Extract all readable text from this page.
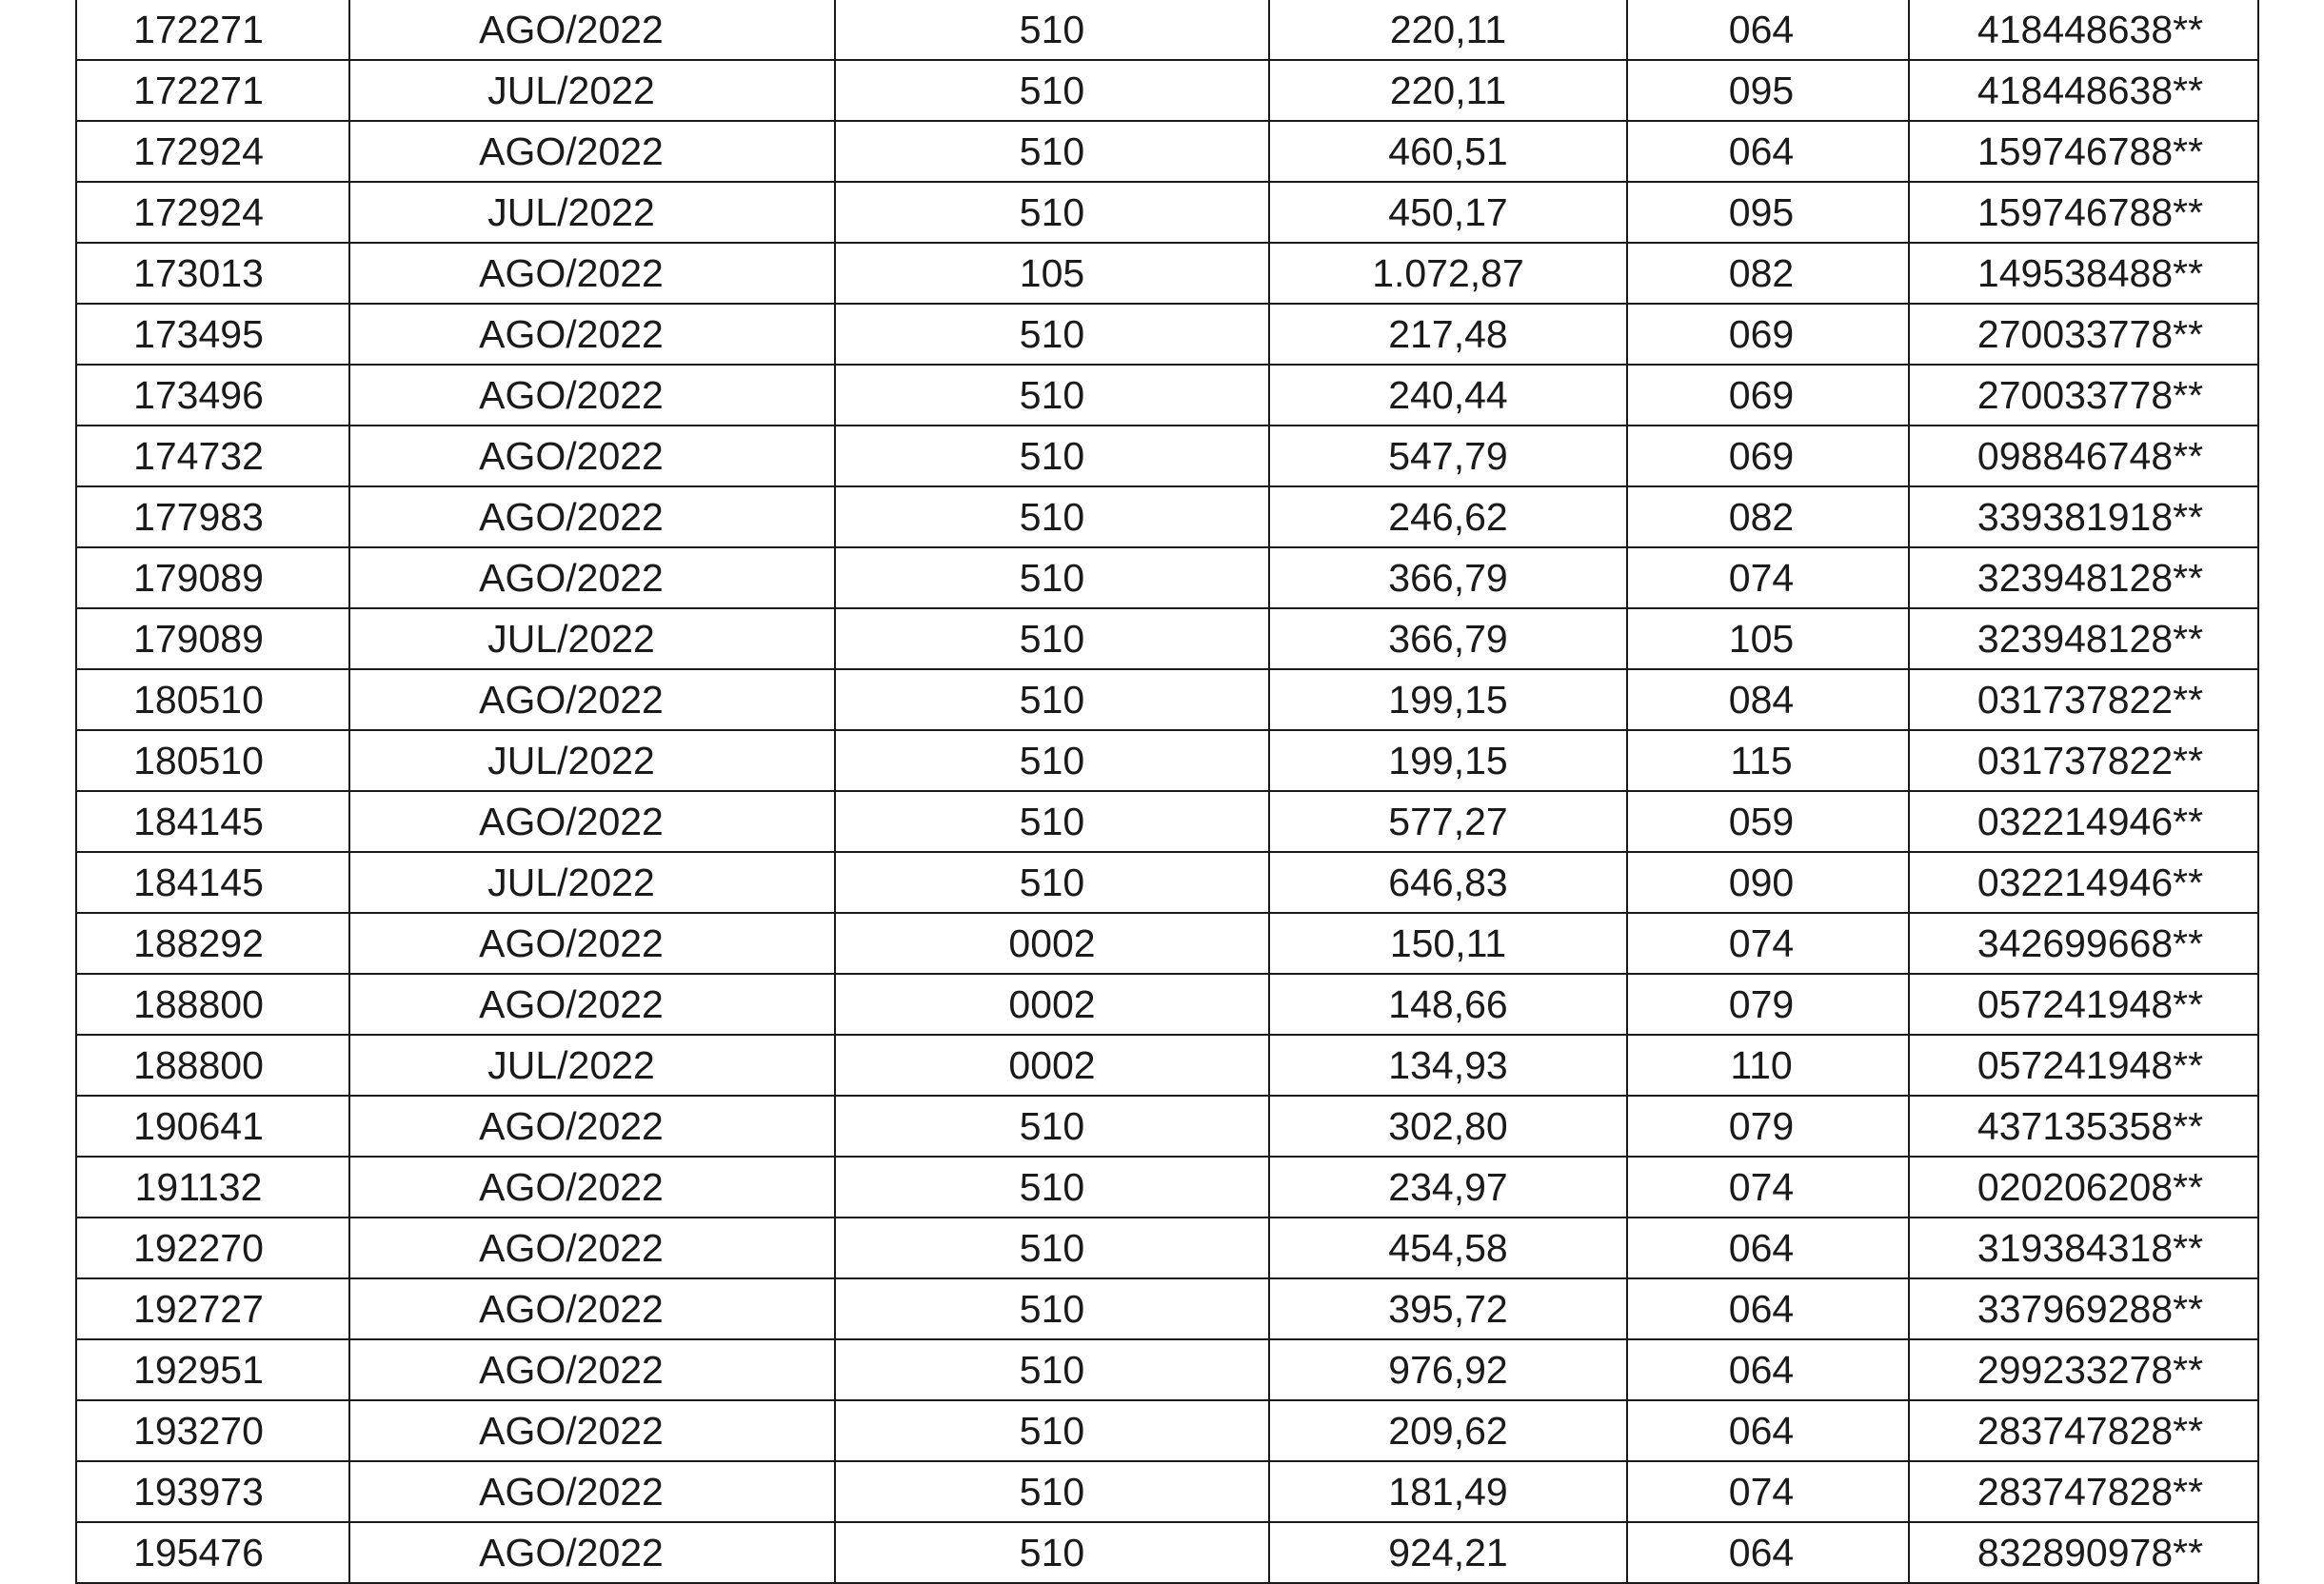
172271	AGO/2022	510	220,11	064	418448638**
172271	JUL/2022	510	220,11	095	418448638**
172924	AGO/2022	510	460,51	064	159746788**
172924	JUL/2022	510	450,17	095	159746788**
173013	AGO/2022	105	1.072,87	082	149538488**
173495	AGO/2022	510	217,48	069	270033778**
173496	AGO/2022	510	240,44	069	270033778**
174732	AGO/2022	510	547,79	069	098846748**
177983	AGO/2022	510	246,62	082	339381918**
179089	AGO/2022	510	366,79	074	323948128**
179089	JUL/2022	510	366,79	105	323948128**
180510	AGO/2022	510	199,15	084	031737822**
180510	JUL/2022	510	199,15	115	031737822**
184145	AGO/2022	510	577,27	059	032214946**
184145	JUL/2022	510	646,83	090	032214946**
188292	AGO/2022	0002	150,11	074	342699668**
188800	AGO/2022	0002	148,66	079	057241948**
188800	JUL/2022	0002	134,93	110	057241948**
190641	AGO/2022	510	302,80	079	437135358**
191132	AGO/2022	510	234,97	074	020206208**
192270	AGO/2022	510	454,58	064	319384318**
192727	AGO/2022	510	395,72	064	337969288**
192951	AGO/2022	510	976,92	064	299233278**
193270	AGO/2022	510	209,62	064	283747828**
193973	AGO/2022	510	181,49	074	283747828**
195476	AGO/2022	510	924,21	064	832890978**
